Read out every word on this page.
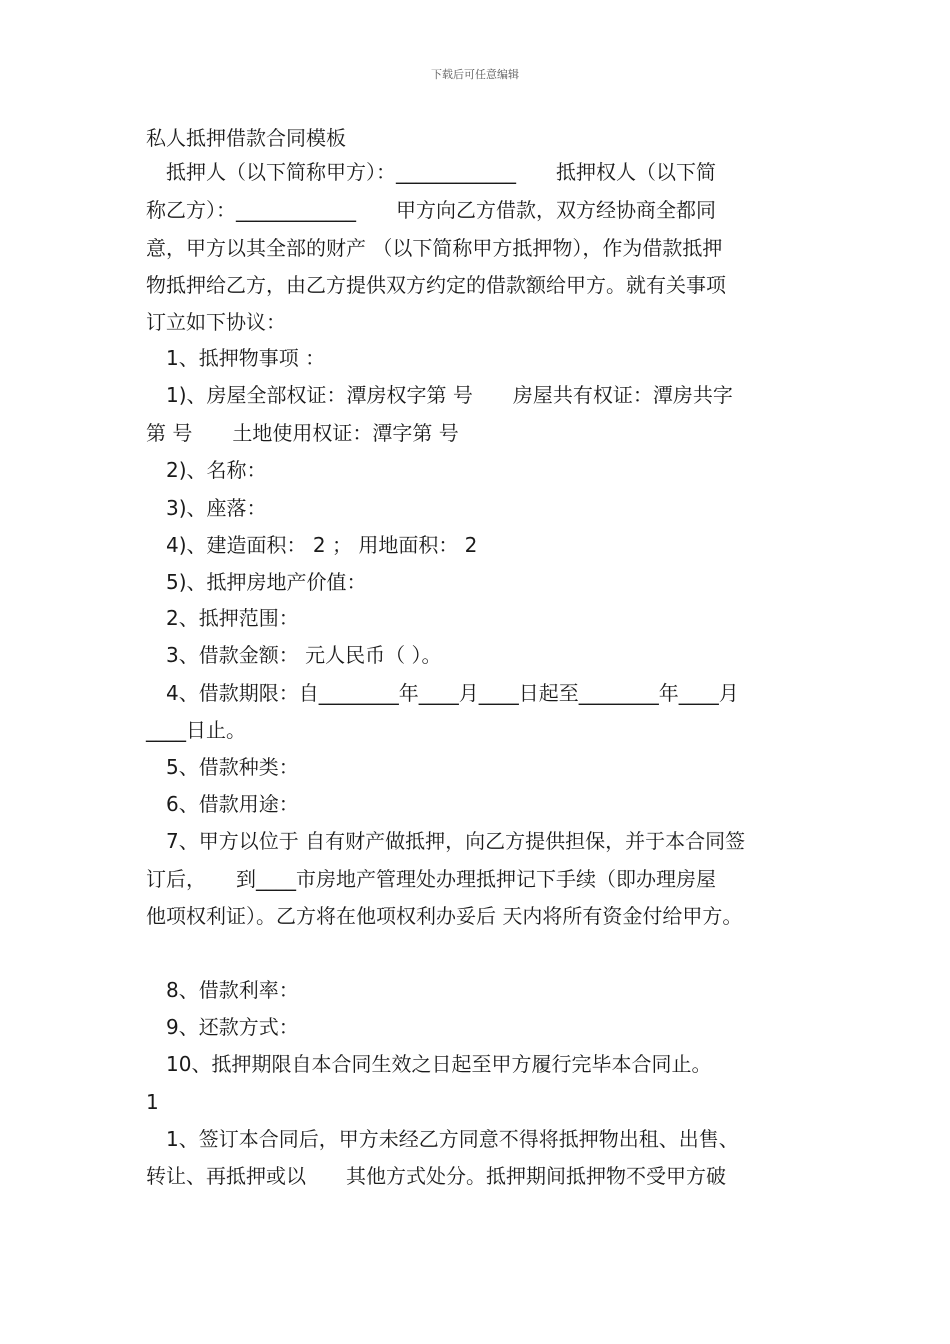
下载后可任意编辑
私人抵押借款合同模板
　抵押人（以下简称甲方）：____________　　抵押权人（以下简
称乙方）：____________　　甲方向乙方借款，双方经协商全都同
意，甲方以其全部的财产 （以下简称甲方抵押物），作为借款抵押
物抵押给乙方，由乙方提供双方约定的借款额给甲方。就有关事项
订立如下协议：
　1、抵押物事项 ：
　1)、房屋全部权证：潭房权字第 号　　房屋共有权证：潭房共字
第 号　　土地使用权证：潭字第 号
　2)、名称：
　3)、座落：
　4)、建造面积： 2 ； 用地面积： 2
　5)、抵押房地产价值：
　2、抵押范围：
　3、借款金额： 元人民币（ ）。
　4、借款期限：自________年____月____日起至________年____月
____日止。
　5、借款种类：
　6、借款用途：
　7、甲方以位于 自有财产做抵押，向乙方提供担保，并于本合同签
订后，　　到____市房地产管理处办理抵押记下手续（即办理房屋
他项权利证）。乙方将在他项权利办妥后 天内将所有资金付给甲方。
　8、借款利率：
　9、还款方式：
　10、抵押期限自本合同生效之日起至甲方履行完毕本合同止。
1
　1、签订本合同后，甲方未经乙方同意不得将抵押物出租、出售、
转让、再抵押或以　　其他方式处分。抵押期间抵押物不受甲方破
